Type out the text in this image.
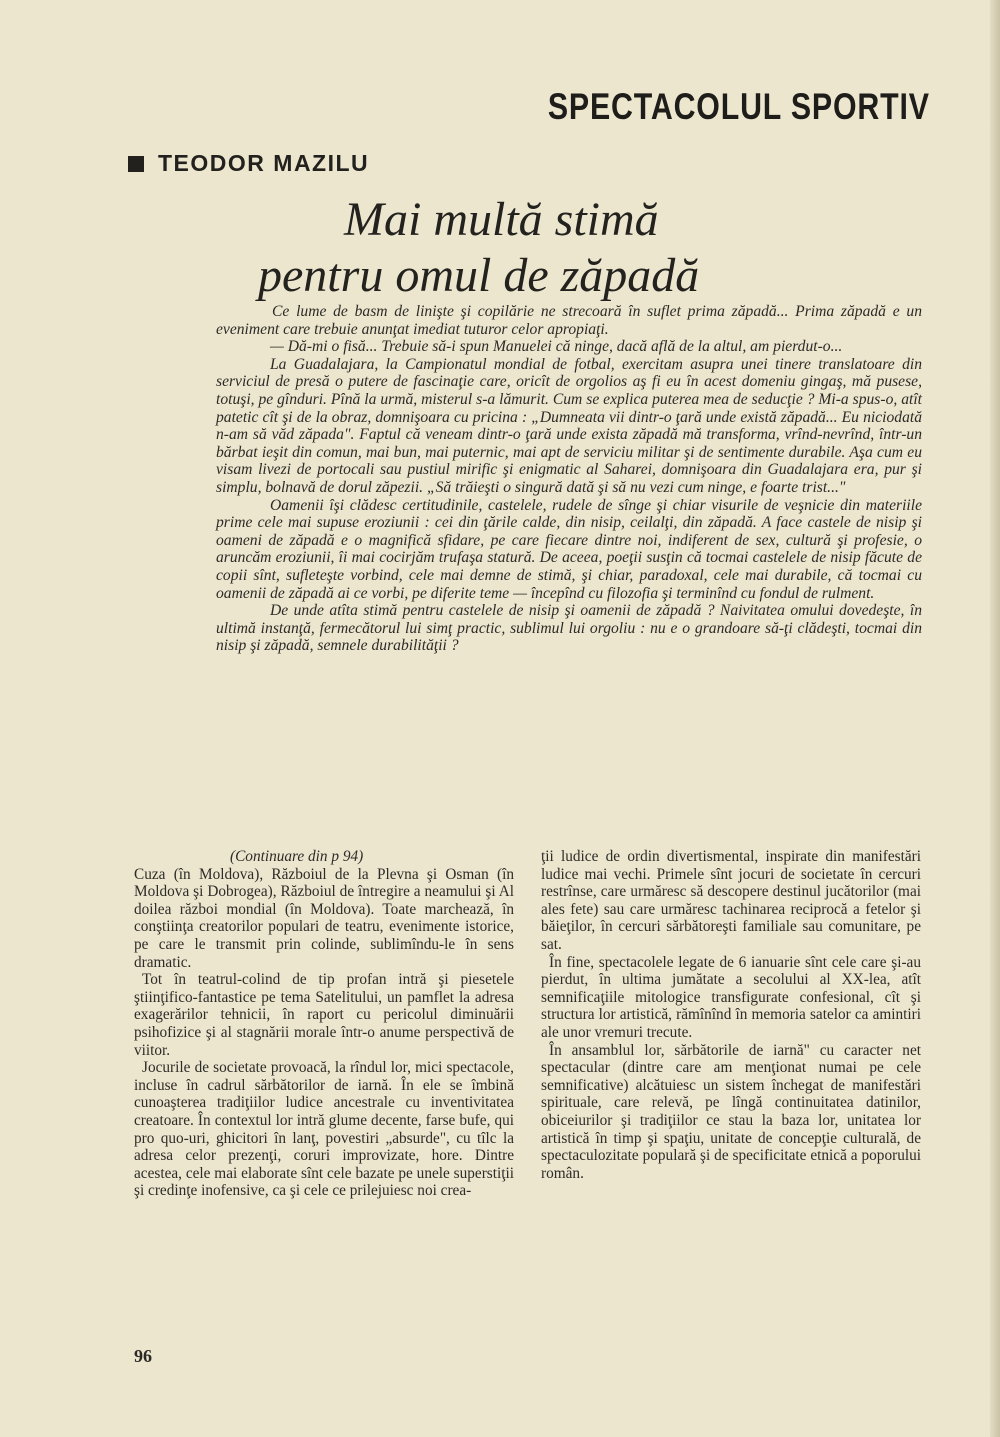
SPECTACOLUL SPORTIV
TEODOR MAZILU
Mai multă stimă
pentru omul de zăpadă

Ce lume de basm de linişte şi copilărie ne strecoară în suflet prima zăpadă... Prima zăpadă e un eveniment care trebuie anunţat imediat tuturor celor apropiaţi.

— Dă-mi o fisă... Trebuie să-i spun Manuelei că ninge, dacă află de la altul, am pierdut-o...

La Guadalajara, la Campionatul mondial de fotbal, exercitam asupra unei tinere translatoare din serviciul de presă o putere de fascinaţie care, oricît de orgolios aş fi eu în acest domeniu gingaş, mă pusese, totuşi, pe gînduri. Pînă la urmă, misterul s-a lămurit. Cum se explica puterea mea de seducţie ? Mi-a spus-o, atît patetic cît şi de la obraz, domnişoara cu pricina : „Dumneata vii dintr-o ţară unde există zăpadă... Eu niciodată n-am să văd zăpada". Faptul că veneam dintr-o ţară unde exista zăpadă mă transforma, vrînd-nevrînd, într-un bărbat ieşit din comun, mai bun, mai puternic, mai apt de serviciu militar şi de sentimente durabile. Aşa cum eu visam livezi de portocali sau pustiul mirific şi enigmatic al Saharei, domnişoara din Guadalajara era, pur şi simplu, bolnavă de dorul zăpezii. „Să trăieşti o singură dată şi să nu vezi cum ninge, e foarte trist..."

Oamenii îşi clădesc certitudinile, castelele, rudele de sînge şi chiar visurile de veşnicie din materiile prime cele mai supuse eroziunii : cei din ţările calde, din nisip, ceilalţi, din zăpadă. A face castele de nisip şi oameni de zăpadă e o magnifică sfidare, pe care fiecare dintre noi, indiferent de sex, cultură şi profesie, o aruncăm eroziunii, îi mai cocirjăm trufaşa statură. De aceea, poeţii susţin că tocmai castelele de nisip făcute de copii sînt, sufleteşte vorbind, cele mai demne de stimă, şi chiar, paradoxal, cele mai durabile, că tocmai cu oamenii de zăpadă ai ce vorbi, pe diferite teme — începînd cu filozofia şi terminînd cu fondul de rulment.

De unde atîta stimă pentru castelele de nisip şi oamenii de zăpadă ? Naivitatea omului dovedeşte, în ultimă instanţă, fermecătorul lui simţ practic, sublimul lui orgoliu : nu e o grandoare să-ţi clădeşti, tocmai din nisip şi zăpadă, semnele durabilităţii ?

(Continuare din p 94)

Cuza (în Moldova), Războiul de la Plevna şi Osman (în Moldova şi Dobrogea), Războiul de întregire a neamului şi Al doilea război mondial (în Moldova). Toate marchează, în conştiinţa creatorilor populari de teatru, evenimente istorice, pe care le transmit prin colinde, sublimîndu-le în sens dramatic.

Tot în teatrul-colind de tip profan intră şi piesetele ştiinţifico-fantastice pe tema Satelitului, un pamflet la adresa exagerărilor tehnicii, în raport cu pericolul diminuării psihofizice şi al stagnării morale într-o anume perspectivă de viitor.

Jocurile de societate provoacă, la rîndul lor, mici spectacole, incluse în cadrul sărbătorilor de iarnă. În ele se îmbină cunoaşterea tradiţiilor ludice ancestrale cu inventivitatea creatoare. În contextul lor intră glume decente, farse bufe, qui pro quo-uri, ghicitori în lanţ, povestiri „absurde", cu tîlc la adresa celor prezenţi, coruri improvizate, hore. Dintre acestea, cele mai elaborate sînt cele bazate pe unele superstiţii şi credinţe inofensive, ca şi cele ce prilejuiesc noi crea-

ţii ludice de ordin divertismental, inspirate din manifestări ludice mai vechi. Primele sînt jocuri de societate în cercuri restrînse, care urmăresc să descopere destinul jucătorilor (mai ales fete) sau care urmăresc tachinarea reciprocă a fetelor şi băieţilor, în cercuri sărbătoreşti familiale sau comunitare, pe sat.

În fine, spectacolele legate de 6 ianuarie sînt cele care şi-au pierdut, în ultima jumătate a secolului al XX-lea, atît semnificaţiile mitologice transfigurate confesional, cît şi structura lor artistică, rămînînd în memoria satelor ca amintiri ale unor vremuri trecute.

În ansamblul lor, sărbătorile de iarnă" cu caracter net spectacular (dintre care am menţionat numai pe cele semnificative) alcătuiesc un sistem închegat de manifestări spirituale, care relevă, pe lîngă continuitatea datinilor, obiceiurilor şi tradiţiilor ce stau la baza lor, unitatea lor artistică în timp şi spaţiu, unitate de concepţie culturală, de spectaculozitate populară şi de specificitate etnică a poporului român.

96
